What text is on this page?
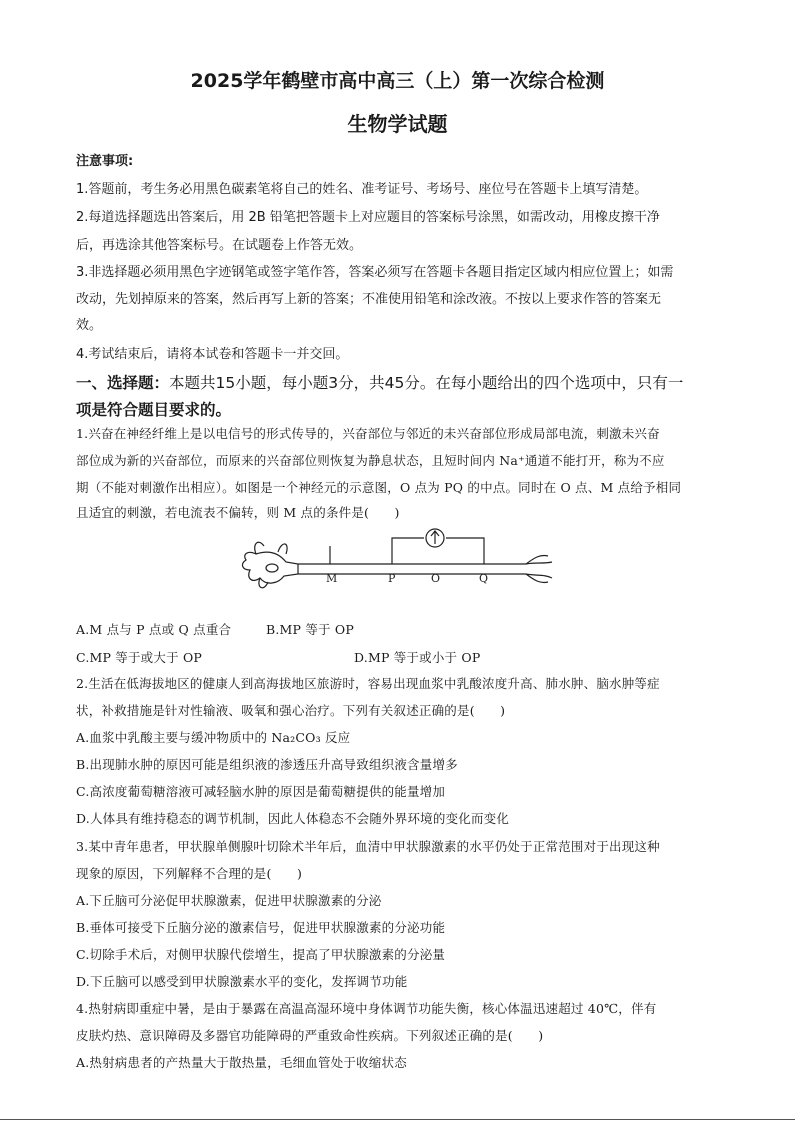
2025学年鹤壁市高中高三（上）第一次综合检测
生物学试题
注意事项:
1.答题前，考生务必用黑色碳素笔将自己的姓名、准考证号、考场号、座位号在答题卡上填写清楚。
2.每道选择题选出答案后，用 2B 铅笔把答题卡上对应题目的答案标号涂黑，如需改动，用橡皮擦干净
后，再选涂其他答案标号。在试题卷上作答无效。
3.非选择题必须用黑色字迹钢笔或签字笔作答，答案必须写在答题卡各题目指定区域内相应位置上；如需
改动，先划掉原来的答案，然后再写上新的答案；不准使用铅笔和涂改液。不按以上要求作答的答案无
效。
4.考试结束后，请将本试卷和答题卡一并交回。
一、选择题：本题共15小题，每小题3分，共45分。在每小题给出的四个选项中，只有一
项是符合题目要求的。
1.兴奋在神经纤维上是以电信号的形式传导的，兴奋部位与邻近的未兴奋部位形成局部电流，刺激未兴奋
部位成为新的兴奋部位，而原来的兴奋部位则恢复为静息状态，且短时间内 Na⁺通道不能打开，称为不应
期（不能对刺激作出相应）。如图是一个神经元的示意图，O 点为 PQ 的中点。同时在 O 点、M 点给予相同
且适宜的刺激，若电流表不偏转，则 M 点的条件是(　　)
M	P	O	Q
A.M 点与 P 点或 Q 点重合	B.MP 等于 OP
C.MP 等于或大于 OP	D.MP 等于或小于 OP
2.生活在低海拔地区的健康人到高海拔地区旅游时，容易出现血浆中乳酸浓度升高、肺水肿、脑水肿等症
状，补救措施是针对性输液、吸氧和强心治疗。下列有关叙述正确的是(　　)
A.血浆中乳酸主要与缓冲物质中的 Na₂CO₃ 反应
B.出现肺水肿的原因可能是组织液的渗透压升高导致组织液含量增多
C.高浓度葡萄糖溶液可减轻脑水肿的原因是葡萄糖提供的能量增加
D.人体具有维持稳态的调节机制，因此人体稳态不会随外界环境的变化而变化
3.某中青年患者，甲状腺单侧腺叶切除术半年后，血清中甲状腺激素的水平仍处于正常范围对于出现这种
现象的原因，下列解释不合理的是(　　)
A.下丘脑可分泌促甲状腺激素，促进甲状腺激素的分泌
B.垂体可接受下丘脑分泌的激素信号，促进甲状腺激素的分泌功能
C.切除手术后，对侧甲状腺代偿增生，提高了甲状腺激素的分泌量
D.下丘脑可以感受到甲状腺激素水平的变化，发挥调节功能
4.热射病即重症中暑，是由于暴露在高温高湿环境中身体调节功能失衡，核心体温迅速超过 40℃，伴有
皮肤灼热、意识障碍及多器官功能障碍的严重致命性疾病。下列叙述正确的是(　　)
A.热射病患者的产热量大于散热量，毛细血管处于收缩状态
